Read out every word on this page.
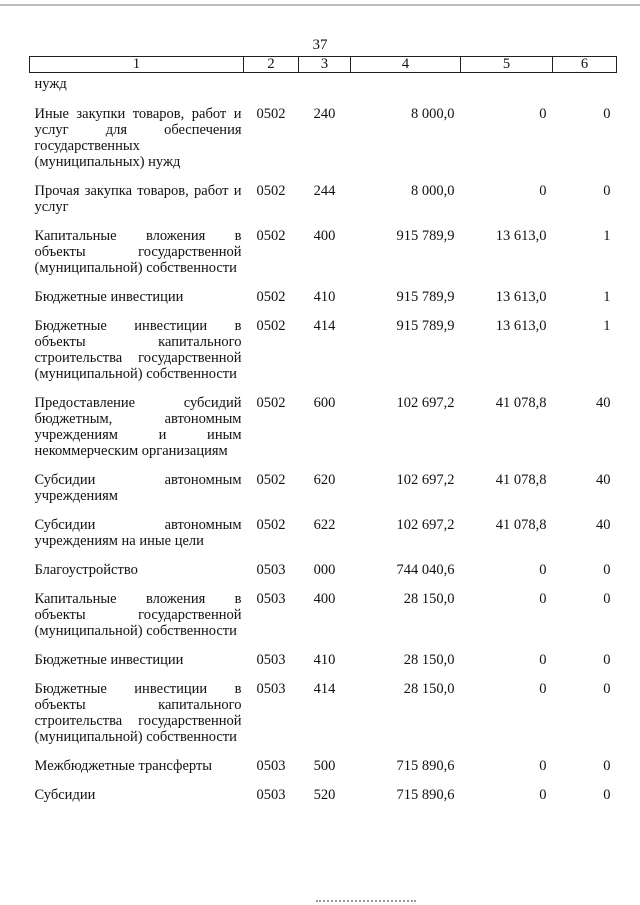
37
1	2	3	4	5	6
нужд					
Иные закупки товаров, работ и услуг для обеспечения государственных (муниципальных) нужд	0502	240	8 000,0	0	0
Прочая закупка товаров, работ и услуг	0502	244	8 000,0	0	0
Капитальные вложения в объекты государственной (муниципальной) собственности	0502	400	915 789,9	13 613,0	1
Бюджетные инвестиции	0502	410	915 789,9	13 613,0	1
Бюджетные инвестиции в объекты капитального строительства государственной (муниципальной) собственности	0502	414	915 789,9	13 613,0	1
Предоставление субсидий бюджетным, автономным учреждениям и иным некоммерческим организациям	0502	600	102 697,2	41 078,8	40
Субсидии автономным учреждениям	0502	620	102 697,2	41 078,8	40
Субсидии автономным учреждениям на иные цели	0502	622	102 697,2	41 078,8	40
Благоустройство	0503	000	744 040,6	0	0
Капитальные вложения в объекты государственной (муниципальной) собственности	0503	400	28 150,0	0	0
Бюджетные инвестиции	0503	410	28 150,0	0	0
Бюджетные инвестиции в объекты капитального строительства государственной (муниципальной) собственности	0503	414	28 150,0	0	0
Межбюджетные трансферты	0503	500	715 890,6	0	0
Субсидии	0503	520	715 890,6	0	0
